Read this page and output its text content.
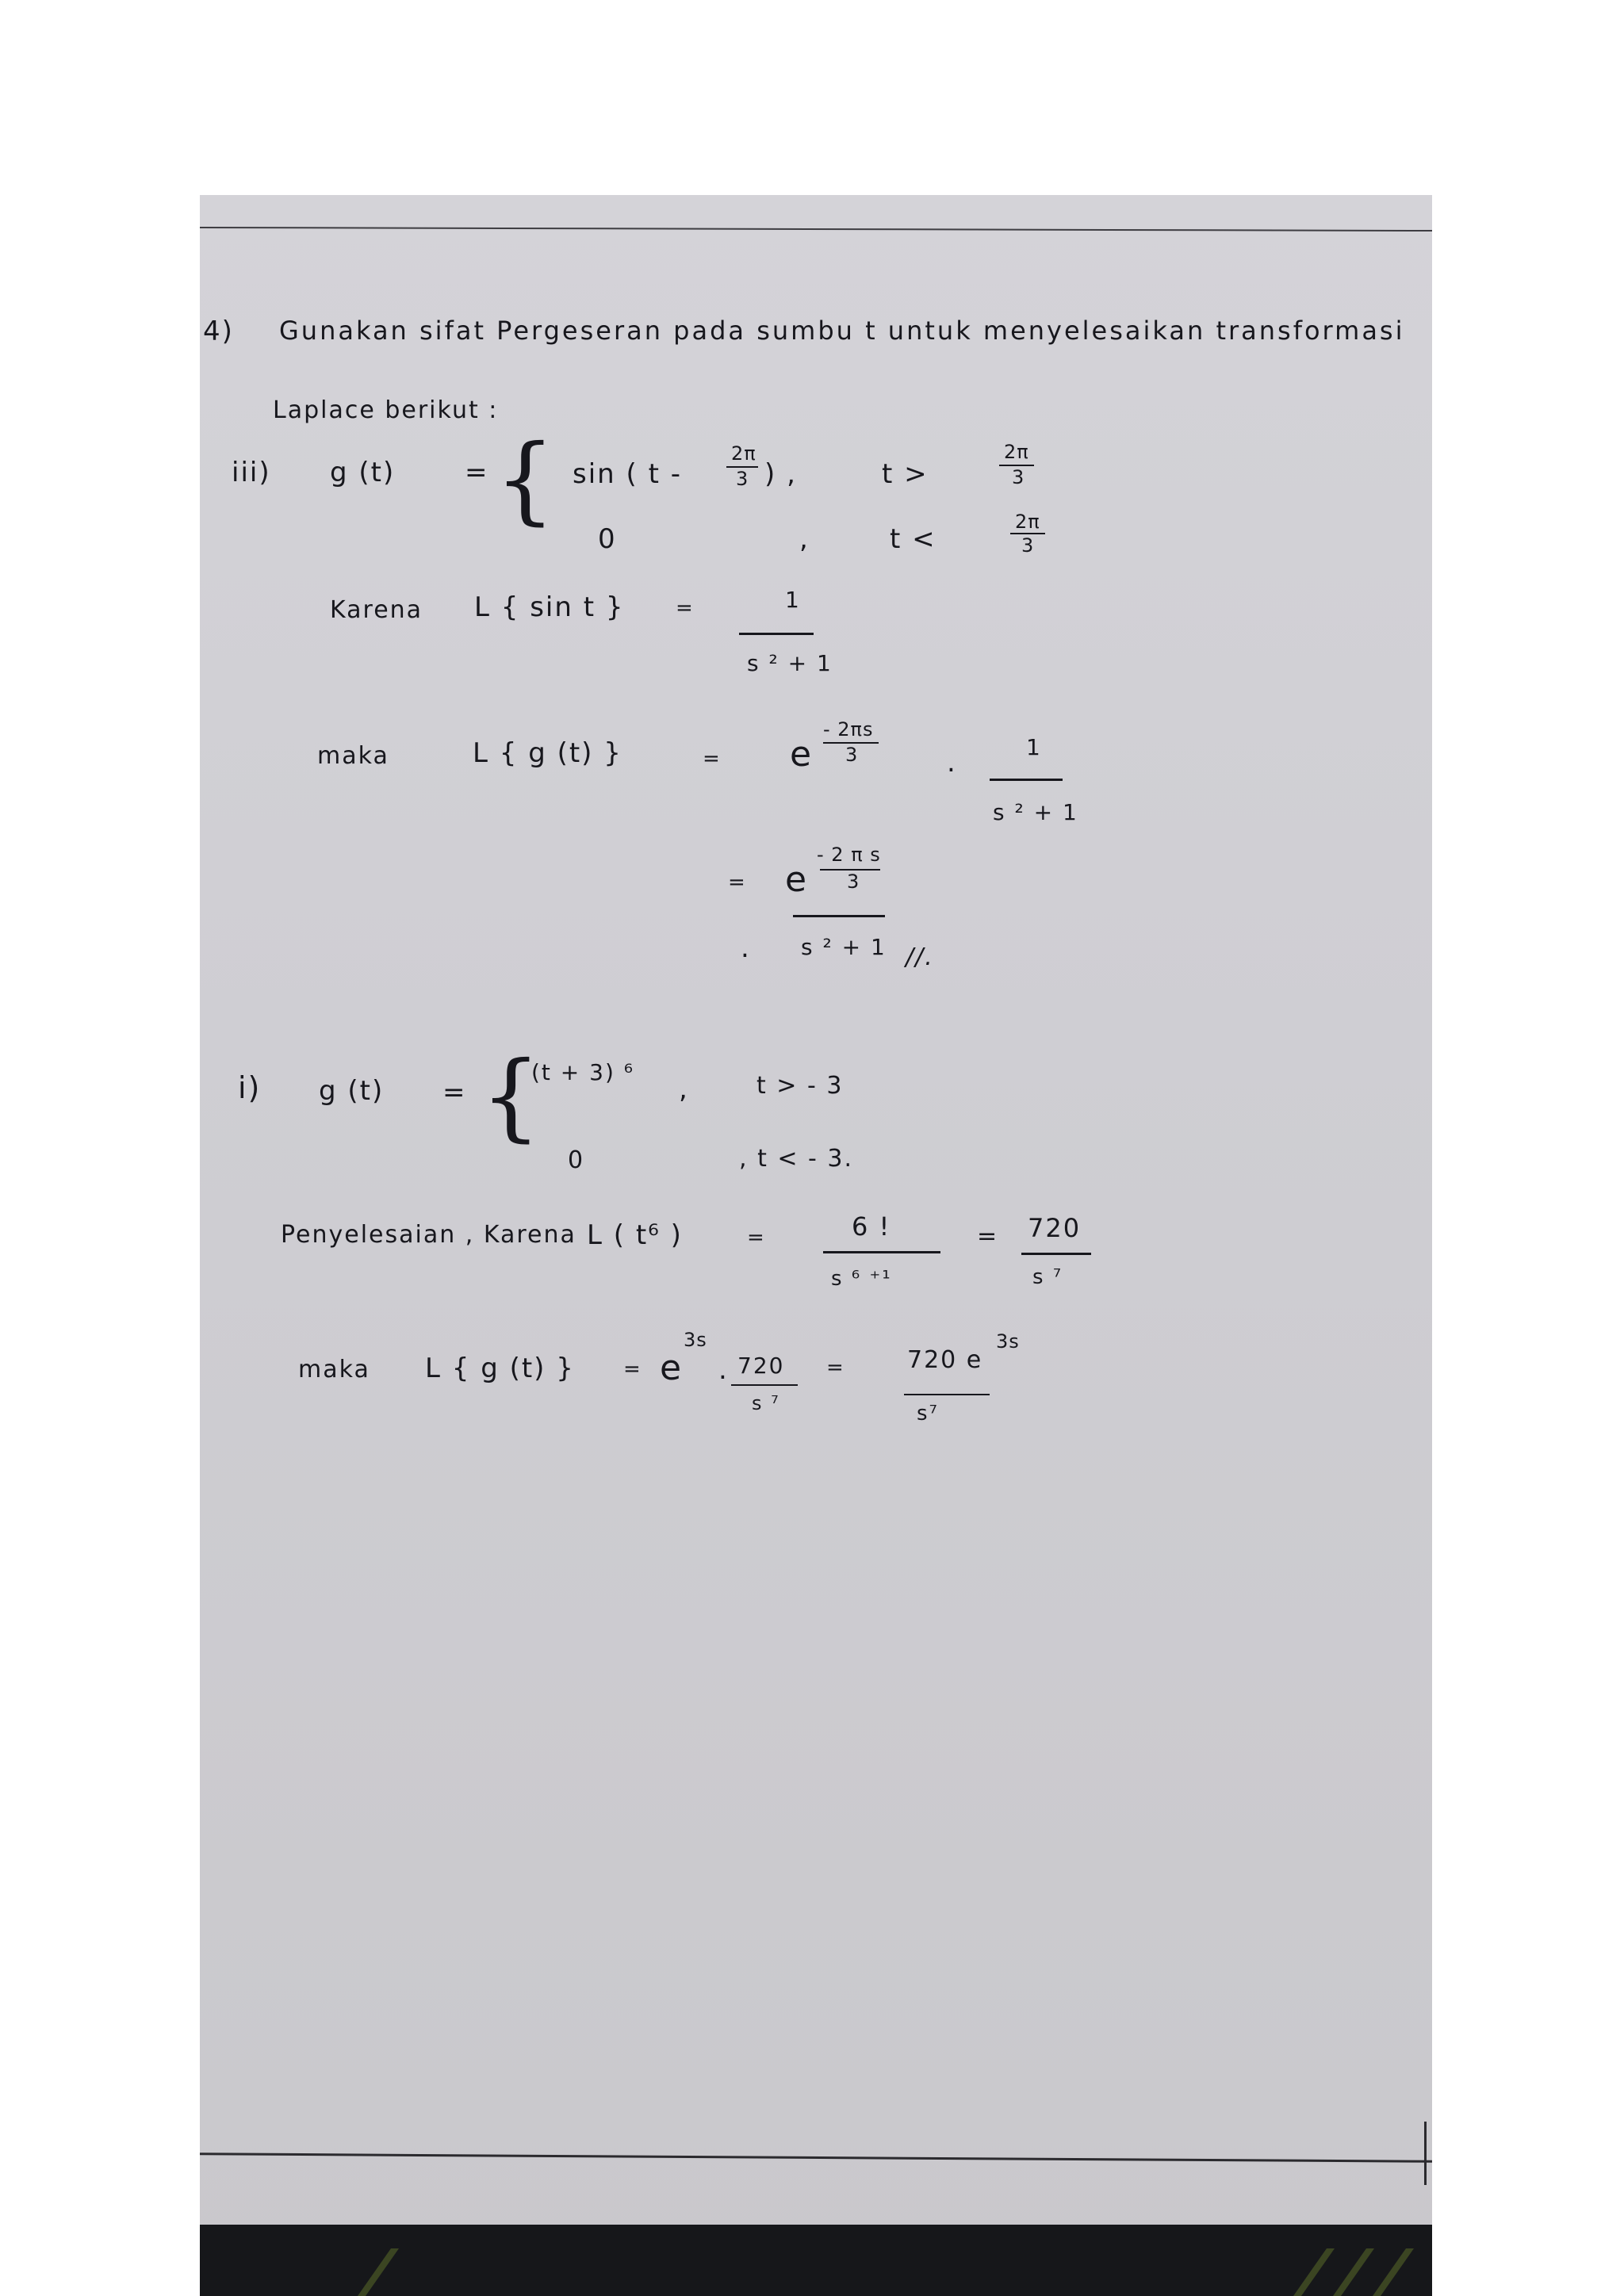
4) Gunakan sifat Pergeseran pada sumbu t untuk menyelesaikan transformasi
Laplace berikut :
iii) g (t)	= { sin ( t -
2π
3 ) ,	t >
2π
3
0	,	t <
2π
3
Karena L { sin t } =	1
s ² + 1
maka	L { g (t) }	= e
- 2πs
3	.	1
s ² + 1
= e
- 2 π s
3
. s ² + 1 //.
i) g (t) = {
(t + 3) ⁶
,	t > - 3
0	, t < - 3.
Penyelesaian , Karena L ( t⁶ )	=	6 !
s ⁶ ⁺¹
= 720
s ⁷
maka L { g (t) } = e
3s
. 720
s ⁷
=	720 e
3s
s⁷
